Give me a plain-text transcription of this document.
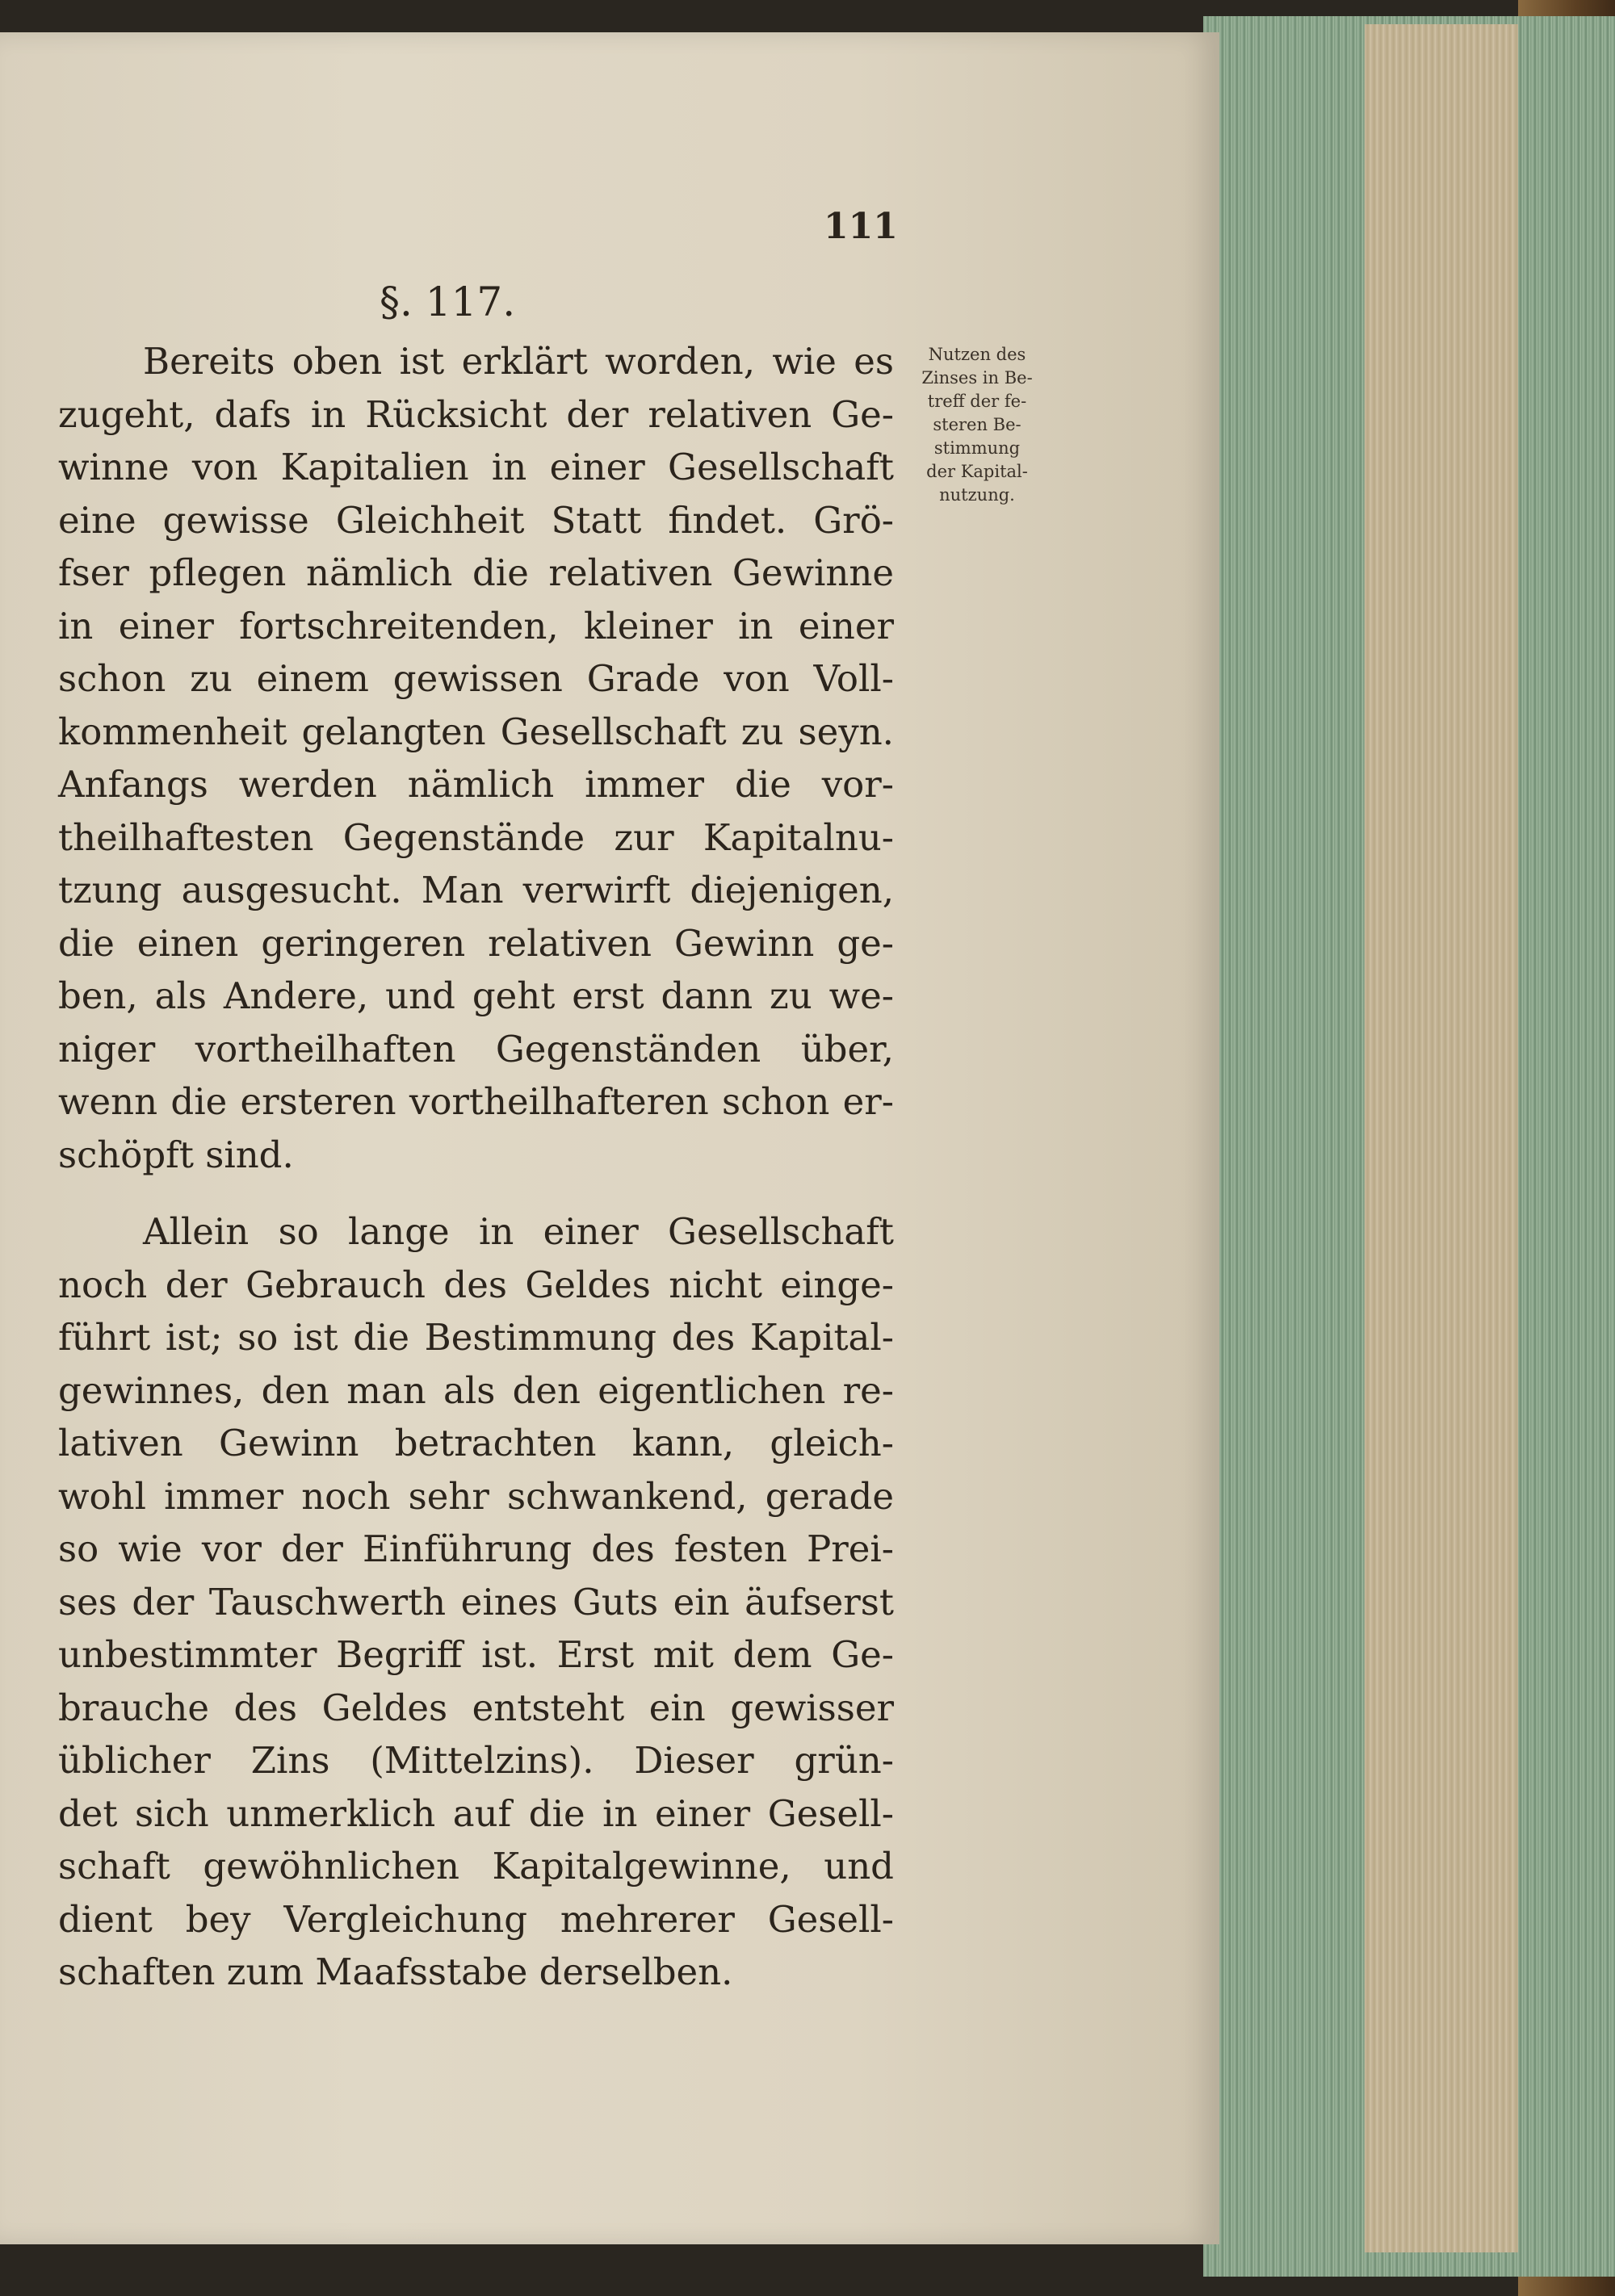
111
§. 117.
Nutzen des
Zinses in Be-
treff der fe-
steren Be-
stimmung
der Kapital-
nutzung.
Bereits oben ist erklärt worden, wie es
zugeht, dafs in Rücksicht der relativen Ge-
winne von Kapitalien in einer Gesellschaft
eine gewisse Gleichheit Statt findet. Grö-
fser pflegen nämlich die relativen Gewinne
in einer fortschreitenden, kleiner in einer
schon zu einem gewissen Grade von Voll-
kommenheit gelangten Gesellschaft zu seyn.
Anfangs werden nämlich immer die vor-
theilhaftesten Gegenstände zur Kapitalnu-
tzung ausgesucht. Man verwirft diejenigen,
die einen geringeren relativen Gewinn ge-
ben, als Andere, und geht erst dann zu we-
niger vortheilhaften Gegenständen über,
wenn die ersteren vortheilhafteren schon er-
schöpft sind.
Allein so lange in einer Gesellschaft
noch der Gebrauch des Geldes nicht einge-
führt ist; so ist die Bestimmung des Kapital-
gewinnes, den man als den eigentlichen re-
lativen Gewinn betrachten kann, gleich-
wohl immer noch sehr schwankend, gerade
so wie vor der Einführung des festen Prei-
ses der Tauschwerth eines Guts ein äufserst
unbestimmter Begriff ist. Erst mit dem Ge-
brauche des Geldes entsteht ein gewisser
üblicher Zins (Mittelzins). Dieser grün-
det sich unmerklich auf die in einer Gesell-
schaft gewöhnlichen Kapitalgewinne, und
dient bey Vergleichung mehrerer Gesell-
schaften zum Maafsstabe derselben.
